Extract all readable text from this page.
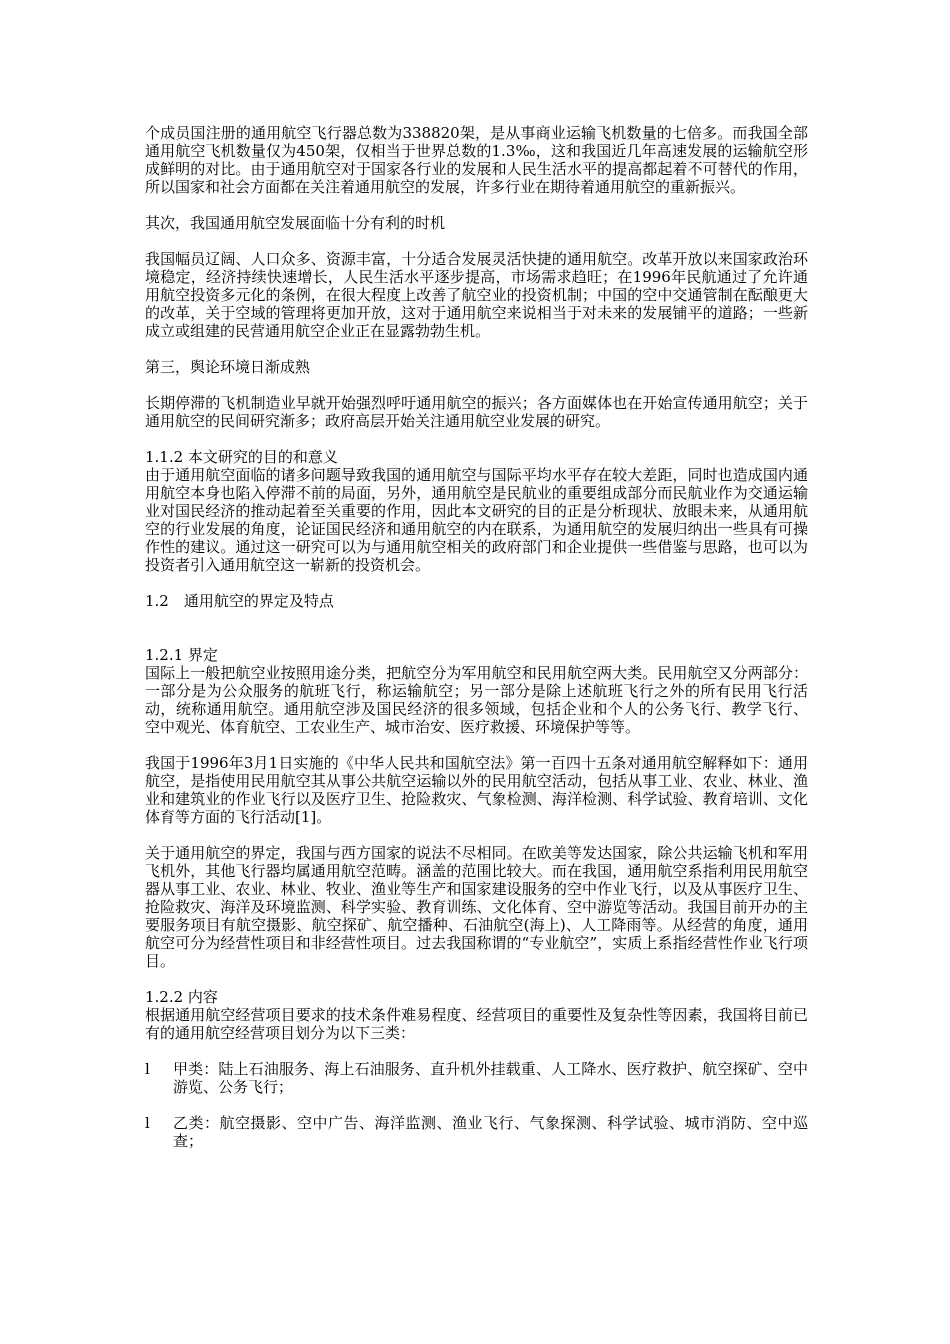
个成员国注册的通用航空飞行器总数为338820架，是从事商业运输飞机数量的七倍多。而我国全部通用航空飞机数量仅为450架，仅相当于世界总数的1.3‰，这和我国近几年高速发展的运输航空形成鲜明的对比。由于通用航空对于国家各行业的发展和人民生活水平的提高都起着不可替代的作用，所以国家和社会方面都在关注着通用航空的发展，许多行业在期待着通用航空的重新振兴。

其次，我国通用航空发展面临十分有利的时机

我国幅员辽阔、人口众多、资源丰富，十分适合发展灵活快捷的通用航空。改革开放以来国家政治环境稳定，经济持续快速增长，人民生活水平逐步提高，市场需求趋旺；在1996年民航通过了允许通用航空投资多元化的条例，在很大程度上改善了航空业的投资机制；中国的空中交通管制在酝酿更大的改革，关于空域的管理将更加开放，这对于通用航空来说相当于对未来的发展铺平的道路；一些新成立或组建的民营通用航空企业正在显露勃勃生机。

第三，舆论环境日渐成熟

长期停滞的飞机制造业早就开始强烈呼吁通用航空的振兴；各方面媒体也在开始宣传通用航空；关于通用航空的民间研究渐多；政府高层开始关注通用航空业发展的研究。

1.1.2 本文研究的目的和意义

由于通用航空面临的诸多问题导致我国的通用航空与国际平均水平存在较大差距，同时也造成国内通用航空本身也陷入停滞不前的局面，另外，通用航空是民航业的重要组成部分而民航业作为交通运输业对国民经济的推动起着至关重要的作用，因此本文研究的目的正是分析现状、放眼未来，从通用航空的行业发展的角度，论证国民经济和通用航空的内在联系，为通用航空的发展归纳出一些具有可操作性的建议。通过这一研究可以为与通用航空相关的政府部门和企业提供一些借鉴与思路，也可以为投资者引入通用航空这一崭新的投资机会。

1.2　通用航空的界定及特点

1.2.1 界定

国际上一般把航空业按照用途分类，把航空分为军用航空和民用航空两大类。民用航空又分两部分：一部分是为公众服务的航班飞行，称运输航空；另一部分是除上述航班飞行之外的所有民用飞行活动，统称通用航空。通用航空涉及国民经济的很多领域，包括企业和个人的公务飞行、教学飞行、 空中观光、体育航空、工农业生产、城市治安、医疗救援、环境保护等等。

我国于1996年3月1日实施的《中华人民共和国航空法》第一百四十五条对通用航空解释如下：通用航空，是指使用民用航空其从事公共航空运输以外的民用航空活动，包括从事工业、农业、林业、渔业和建筑业的作业飞行以及医疗卫生、抢险救灾、气象检测、海洋检测、科学试验、教育培训、文化体育等方面的飞行活动[1]。

关于通用航空的界定，我国与西方国家的说法不尽相同。在欧美等发达国家，除公共运输飞机和军用飞机外，其他飞行器均属通用航空范畴。涵盖的范围比较大。而在我国，通用航空系指利用民用航空器从事工业、农业、林业、牧业、渔业等生产和国家建设服务的空中作业飞行，以及从事医疗卫生、抢险救灾、海洋及环境监测、科学实验、教育训练、文化体育、空中游览等活动。我国目前开办的主要服务项目有航空摄影、航空探矿、航空播种、石油航空(海上)、人工降雨等。从经营的角度，通用航空可分为经营性项目和非经营性项目。过去我国称谓的“专业航空”，实质上系指经营性作业飞行项目。

1.2.2 内容

根据通用航空经营项目要求的技术条件难易程度、经营项目的重要性及复杂性等因素，我国将目前已有的通用航空经营项目划分为以下三类：

l	甲类：陆上石油服务、海上石油服务、直升机外挂载重、人工降水、医疗救护、航空探矿、空中游览、公务飞行；
l	乙类：航空摄影、空中广告、海洋监测、渔业飞行、气象探测、科学试验、城市消防、空中巡查；
